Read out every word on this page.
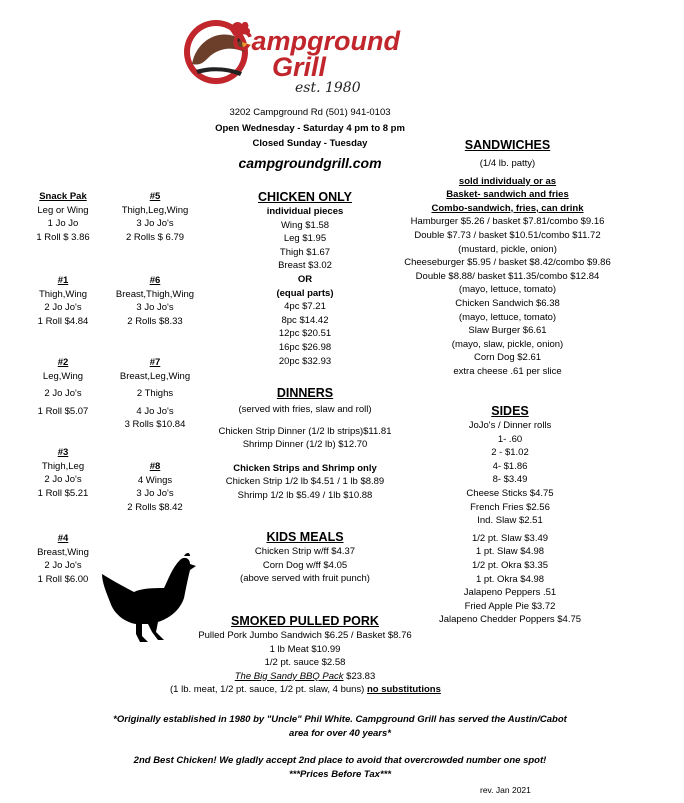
Campground
Grill
est. 1980
3202 Campground Rd (501) 941-0103
Open Wednesday - Saturday 4 pm to 8 pm
Closed Sunday - Tuesday
campgroundgrill.com
Snack Pak
Leg or Wing
1 Jo Jo
1 Roll $ 3.86
#1
Thigh,Wing
2 Jo Jo's
1 Roll $4.84
#2
Leg,Wing
2 Jo Jo's
1 Roll $5.07
#3
Thigh,Leg
2 Jo Jo's
1 Roll $5.21
#4
Breast,Wing
2 Jo Jo's
1 Roll $6.00
#5
Thigh,Leg,Wing
3 Jo Jo's
2 Rolls $ 6.79
#6
Breast,Thigh,Wing
3 Jo Jo's
2 Rolls $8.33
#7
Breast,Leg,Wing
2 Thighs
4 Jo Jo's
3 Rolls $10.84
#8
4 Wings
3 Jo Jo's
2 Rolls $8.42
CHICKEN ONLY
individual pieces
Wing $1.58
Leg $1.95
Thigh $1.67
Breast $3.02
OR
(equal parts)
4pc $7.21
8pc $14.42
12pc $20.51
16pc $26.98
20pc $32.93
DINNERS
(served with fries, slaw and roll)
Chicken Strip Dinner (1/2 lb strips)$11.81
Shrimp Dinner (1/2 lb) $12.70
Chicken Strips and Shrimp only
Chicken Strip 1/2 lb $4.51 / 1 lb $8.89
Shrimp 1/2 lb $5.49 / 1lb $10.88
KIDS MEALS
Chicken Strip w/ff $4.37
Corn Dog w/ff $4.05
(above served with fruit punch)
SMOKED PULLED PORK
Pulled Pork Jumbo Sandwich $6.25 / Basket $8.76
1 lb Meat $10.99
1/2 pt. sauce $2.58
The Big Sandy BBQ Pack $23.83
(1 lb. meat, 1/2 pt. sauce, 1/2 pt. slaw, 4 buns) no substitutions
SANDWICHES
(1/4 lb. patty)
sold individualy or as
Basket- sandwich and fries
Combo-sandwich, fries, can drink
Hamburger $5.26 / basket $7.81/combo $9.16
Double $7.73 / basket $10.51/combo $11.72
(mustard, pickle, onion)
Cheeseburger $5.95 / basket $8.42/combo $9.86
Double $8.88/ basket $11.35/combo $12.84
(mayo, lettuce, tomato)
Chicken Sandwich $6.38
(mayo, lettuce, tomato)
Slaw Burger $6.61
(mayo, slaw, pickle, onion)
Corn Dog $2.61
extra cheese .61 per slice
SIDES
JoJo's / Dinner rolls
1- .60
2 - $1.02
4- $1.86
8- $3.49
Cheese Sticks $4.75
French Fries $2.56
Ind. Slaw $2.51
1/2 pt. Slaw $3.49
1 pt. Slaw $4.98
1/2 pt. Okra $3.35
1 pt. Okra $4.98
Jalapeno Peppers .51
Fried Apple Pie $3.72
Jalapeno Chedder Poppers $4.75
*Originally established in 1980 by "Uncle" Phil White. Campground Grill has served the Austin/Cabot
area for over 40 years*
2nd Best Chicken! We gladly accept 2nd place to avoid that overcrowded number one spot!
***Prices Before Tax***
rev. Jan 2021
